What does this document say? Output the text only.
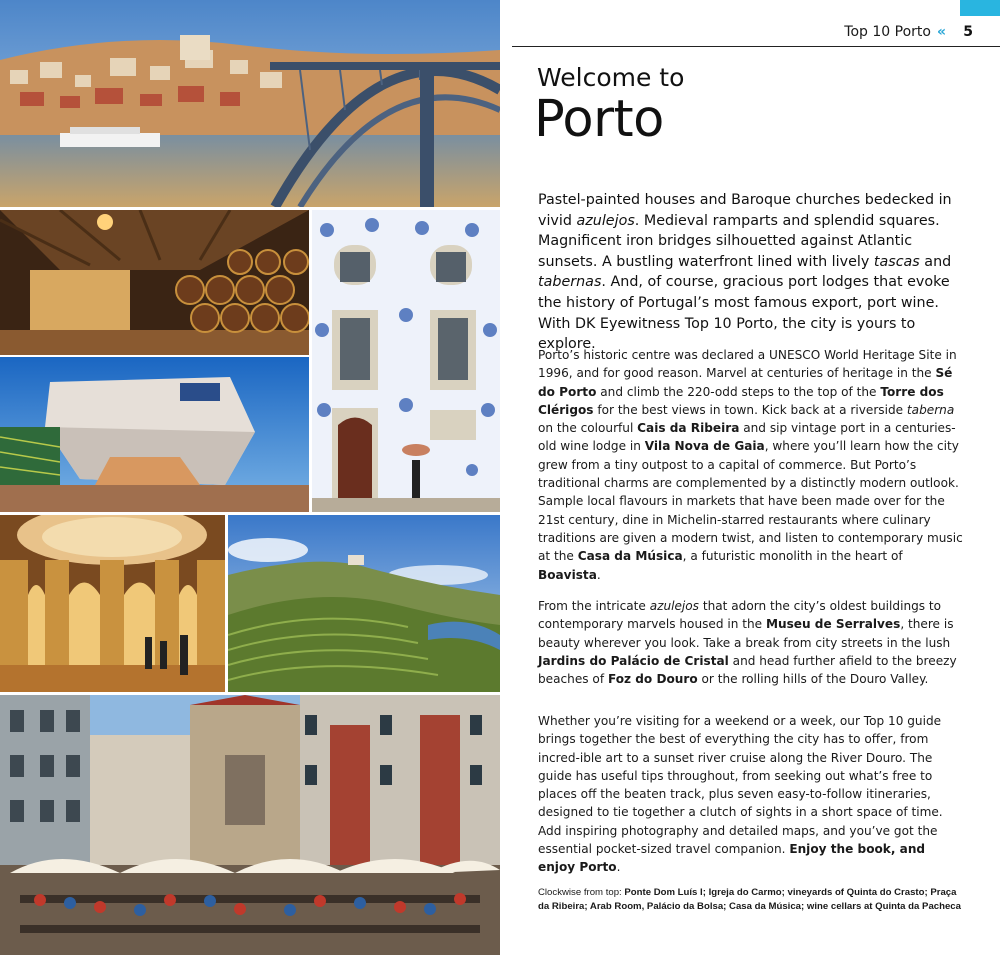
Top 10 Porto « 5
Welcome to
Porto

Pastel-painted houses and Baroque churches bedecked in vivid azulejos. Medieval ramparts and splendid squares. Magnificent iron bridges silhouetted against Atlantic sunsets. A bustling waterfront lined with lively tascas and tabernas. And, of course, gracious port lodges that evoke the history of Portugal’s most famous export, port wine. With DK Eyewitness Top 10 Porto, the city is yours to explore.

Porto’s historic centre was declared a UNESCO World Heritage Site in 1996, and for good reason. Marvel at centuries of heritage in the Sé do Porto and climb the 220-odd steps to the top of the Torre dos Clérigos for the best views in town. Kick back at a riverside taberna on the colourful Cais da Ribeira and sip vintage port in a centuries-old wine lodge in Vila Nova de Gaia, where you’ll learn how the city grew from a tiny outpost to a capital of commerce. But Porto’s traditional charms are complemented by a distinctly modern outlook. Sample local flavours in markets that have been made over for the 21st century, dine in Michelin-starred restaurants where culinary traditions are given a modern twist, and listen to contemporary music at the Casa da Música, a futuristic monolith in the heart of Boavista.

From the intricate azulejos that adorn the city’s oldest buildings to contemporary marvels housed in the Museu de Serralves, there is beauty wherever you look. Take a break from city streets in the lush Jardins do Palácio de Cristal and head further afield to the breezy beaches of Foz do Douro or the rolling hills of the Douro Valley.

Whether you’re visiting for a weekend or a week, our Top 10 guide brings together the best of everything the city has to offer, from incred-ible art to a sunset river cruise along the River Douro. The guide has useful tips throughout, from seeking out what’s free to places off the beaten track, plus seven easy-to-follow itineraries, designed to tie together a clutch of sights in a short space of time. Add inspiring photography and detailed maps, and you’ve got the essential pocket-sized travel companion. Enjoy the book, and enjoy Porto.

Clockwise from top: Ponte Dom Luís I; Igreja do Carmo; vineyards of Quinta do Crasto; Praça da Ribeira; Arab Room, Palácio da Bolsa; Casa da Música; wine cellars at Quinta da Pacheca
